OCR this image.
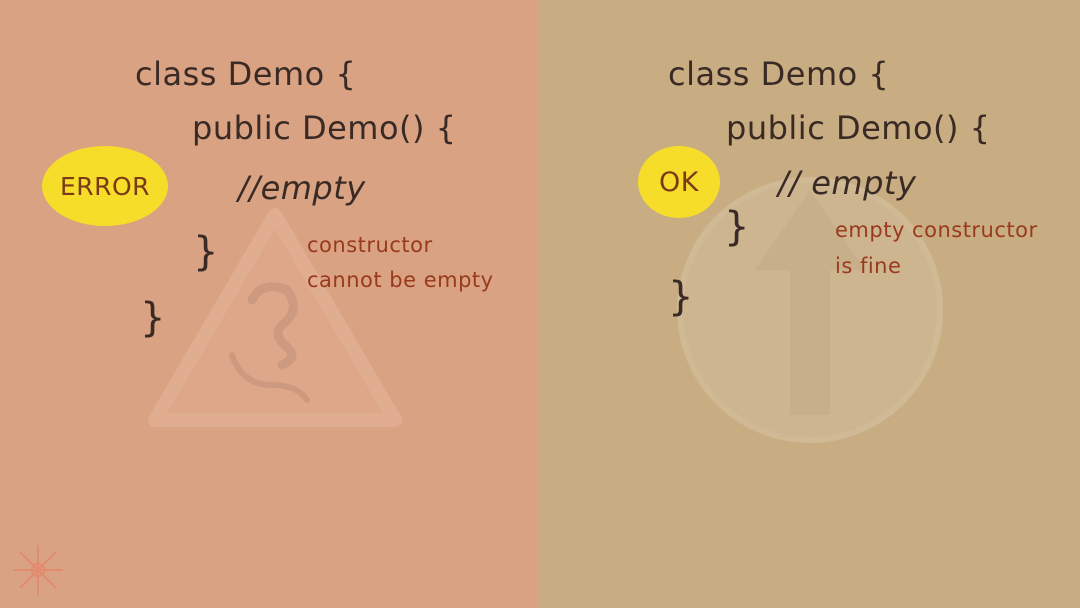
ERROR
class Demo {
public Demo() {
//empty
}
}
constructor
cannot be empty
OK
class Demo {
public Demo() {
// empty
}
}
empty constructor
is fine
